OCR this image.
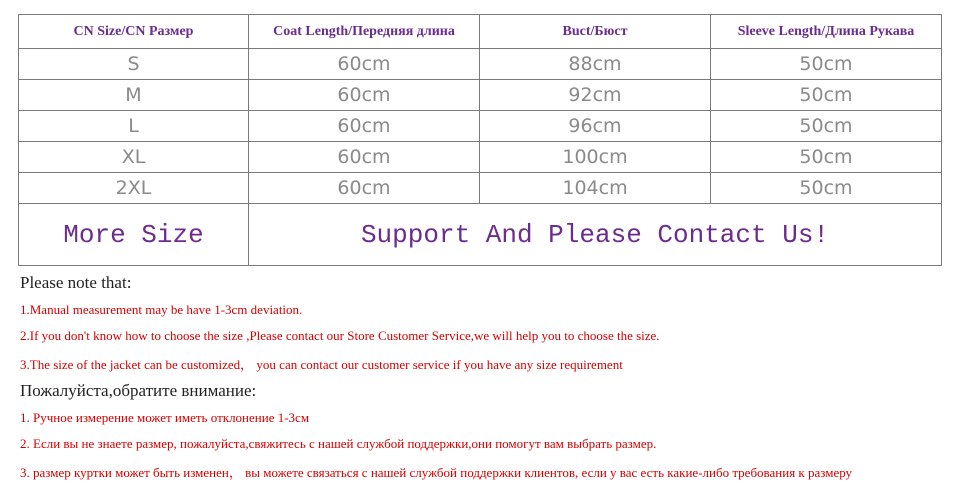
CN Size/CN Размер	Coat Length/Передняя длина	Buct/Бюст	Sleeve Length/Длина Рукава
S	60cm	88cm	50cm
M	60cm	92cm	50cm
L	60cm	96cm	50cm
XL	60cm	100cm	50cm
2XL	60cm	104cm	50cm
More Size	Support And Please Contact Us!		

Please note that:

1.Manual measurement may be have 1-3cm deviation.

2.If you don't know how to choose the size ,Please contact our Store Customer Service,we will help you to choose the size.

3.The size of the jacket can be customized， you can contact our customer service if you have any size requirement

Пожалуйста,обратите внимание:

1. Ручное измерение может иметь отклонение 1-3см

2. Если вы не знаете размер, пожалуйста,свяжитесь с нашей службой поддержки,они помогут вам выбрать размер.

3. размер куртки может быть изменен， вы можете связаться с нашей службой поддержки клиентов, если у вас есть какие-либо требования к размеру
